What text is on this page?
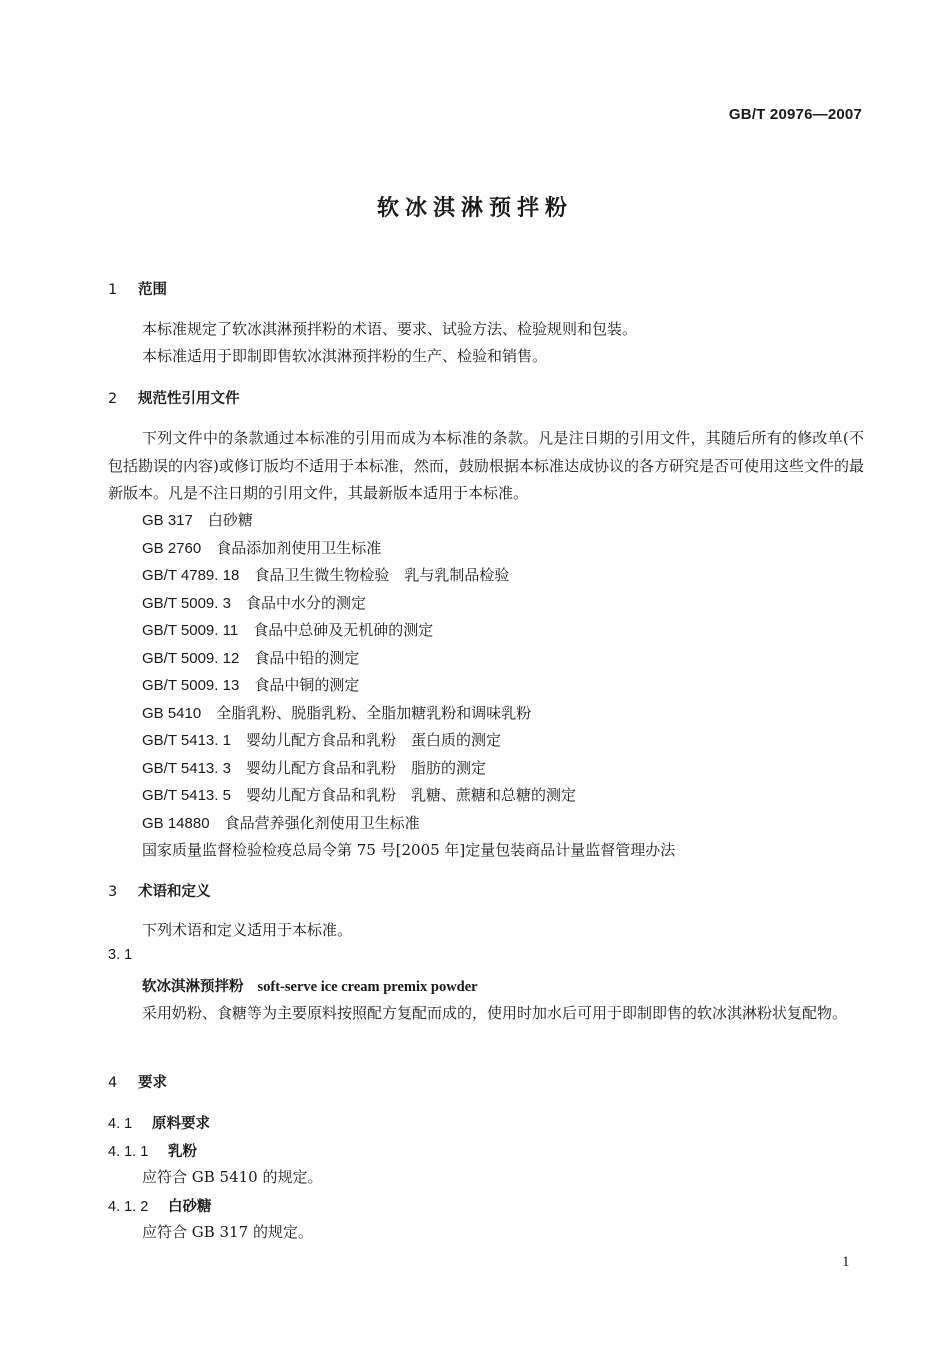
GB/T 20976—2007
软冰淇淋预拌粉
1 范围
本标准规定了软冰淇淋预拌粉的术语、要求、试验方法、检验规则和包装。
本标准适用于即制即售软冰淇淋预拌粉的生产、检验和销售。
2 规范性引用文件
下列文件中的条款通过本标准的引用而成为本标准的条款。凡是注日期的引用文件，其随后所有的修改单(不包括勘误的内容)或修订版均不适用于本标准，然而，鼓励根据本标准达成协议的各方研究是否可使用这些文件的最新版本。凡是不注日期的引用文件，其最新版本适用于本标准。
GB 317　 白砂糖
GB 2760　 食品添加剂使用卫生标准
GB/T 4789. 18　 食品卫生微生物检验　乳与乳制品检验
GB/T 5009. 3　 食品中水分的测定
GB/T 5009. 11　 食品中总砷及无机砷的测定
GB/T 5009. 12　 食品中铅的测定
GB/T 5009. 13　 食品中铜的测定
GB 5410　 全脂乳粉、脱脂乳粉、全脂加糖乳粉和调味乳粉
GB/T 5413. 1　 婴幼儿配方食品和乳粉　蛋白质的测定
GB/T 5413. 3　 婴幼儿配方食品和乳粉　脂肪的测定
GB/T 5413. 5　 婴幼儿配方食品和乳粉　乳糖、蔗糖和总糖的测定
GB 14880　 食品营养强化剂使用卫生标准
国家质量监督检验检疫总局令第 75 号[2005 年]定量包装商品计量监督管理办法
3 术语和定义
下列术语和定义适用于本标准。
3. 1
软冰淇淋预拌粉 soft-serve ice cream premix powder
采用奶粉、食糖等为主要原料按照配方复配而成的，使用时加水后可用于即制即售的软冰淇淋粉状复配物。
4 要求
4. 1 原料要求
4. 1. 1 乳粉
应符合 GB 5410 的规定。
4. 1. 2 白砂糖
应符合 GB 317 的规定。
1
